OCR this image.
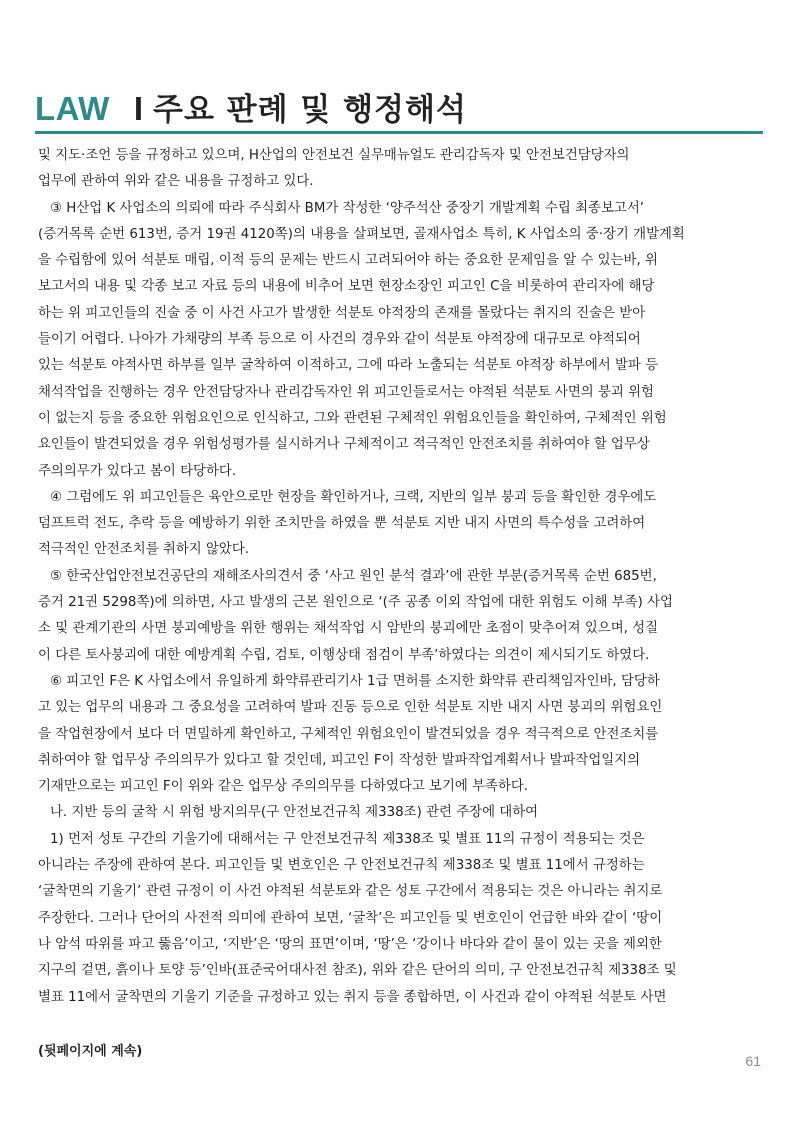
LAW I 주요 판례 및 행정해석
및 지도·조언 등을 규정하고 있으며, H산업의 안전보건 실무매뉴얼도 관리감독자 및 안전보건담당자의
업무에 관하여 위와 같은 내용을 규정하고 있다.
③ H산업 K 사업소의 의뢰에 따라 주식회사 BM가 작성한 ‘양주석산 중장기 개발계획 수립 최종보고서’
(증거목록 순번 613번, 증거 19권 4120쪽)의 내용을 살펴보면, 골재사업소 특히, K 사업소의 중·장기 개발계획
을 수립함에 있어 석분토 매립, 이적 등의 문제는 반드시 고려되어야 하는 중요한 문제임을 알 수 있는바, 위
보고서의 내용 및 각종 보고 자료 등의 내용에 비추어 보면 현장소장인 피고인 C을 비롯하여 관리자에 해당
하는 위 피고인들의 진술 중 이 사건 사고가 발생한 석분토 야적장의 존재를 몰랐다는 취지의 진술은 받아
들이기 어렵다. 나아가 가채량의 부족 등으로 이 사건의 경우와 같이 석분토 야적장에 대규모로 야적되어
있는 석분토 야적사면 하부를 일부 굴착하여 이적하고, 그에 따라 노출되는 석분토 야적장 하부에서 발파 등
채석작업을 진행하는 경우 안전담당자나 관리감독자인 위 피고인들로서는 야적된 석분토 사면의 붕괴 위험
이 없는지 등을 중요한 위험요인으로 인식하고, 그와 관련된 구체적인 위험요인들을 확인하여, 구체적인 위험
요인들이 발견되었을 경우 위험성평가를 실시하거나 구체적이고 적극적인 안전조치를 취하여야 할 업무상
주의의무가 있다고 봄이 타당하다.
④ 그럼에도 위 피고인들은 육안으로만 현장을 확인하거나, 크랙, 지반의 일부 붕괴 등을 확인한 경우에도
덤프트럭 전도, 추락 등을 예방하기 위한 조치만을 하였을 뿐 석분토 지반 내지 사면의 특수성을 고려하여
적극적인 안전조치를 취하지 않았다.
⑤ 한국산업안전보건공단의 재해조사의견서 중 ‘사고 원인 분석 결과’에 관한 부분(증거목록 순번 685번,
증거 21권 5298쪽)에 의하면, 사고 발생의 근본 원인으로 ‘(주 공종 이외 작업에 대한 위험도 이해 부족) 사업
소 및 관계기관의 사면 붕괴예방을 위한 행위는 채석작업 시 암반의 붕괴에만 초점이 맞추어져 있으며, 성질
이 다른 토사붕괴에 대한 예방계획 수립, 검토, 이행상태 점검이 부족’하였다는 의견이 제시되기도 하였다.
⑥ 피고인 F은 K 사업소에서 유일하게 화약류관리기사 1급 면허를 소지한 화약류 관리책임자인바, 담당하
고 있는 업무의 내용과 그 중요성을 고려하여 발파 진동 등으로 인한 석분토 지반 내지 사면 붕괴의 위험요인
을 작업현장에서 보다 더 면밀하게 확인하고, 구체적인 위험요인이 발견되었을 경우 적극적으로 안전조치를
취하여야 할 업무상 주의의무가 있다고 할 것인데, 피고인 F이 작성한 발파작업계획서나 발파작업일지의
기재만으로는 피고인 F이 위와 같은 업무상 주의의무를 다하였다고 보기에 부족하다.
나. 지반 등의 굴착 시 위험 방지의무(구 안전보건규칙 제338조) 관련 주장에 대하여
1) 먼저 성토 구간의 기울기에 대해서는 구 안전보건규칙 제338조 및 별표 11의 규정이 적용되는 것은
아니라는 주장에 관하여 본다. 피고인들 및 변호인은 구 안전보건규칙 제338조 및 별표 11에서 규정하는
‘굴착면의 기울기’ 관련 규정이 이 사건 야적된 석분토와 같은 성토 구간에서 적용되는 것은 아니라는 취지로
주장한다. 그러나 단어의 사전적 의미에 관하여 보면, ‘굴착’은 피고인들 및 변호인이 언급한 바와 같이 ‘땅이
나 암석 따위를 파고 뚫음’이고, ‘지반’은 ‘땅의 표면’이며, ‘땅’은 ‘강이나 바다와 같이 물이 있는 곳을 제외한
지구의 겉면, 흙이나 토양 등’인바(표준국어대사전 참조), 위와 같은 단어의 의미, 구 안전보건규칙 제338조 및
별표 11에서 굴착면의 기울기 기준을 규정하고 있는 취지 등을 종합하면, 이 사건과 같이 야적된 석분토 사면
(뒷페이지에 계속)
61
